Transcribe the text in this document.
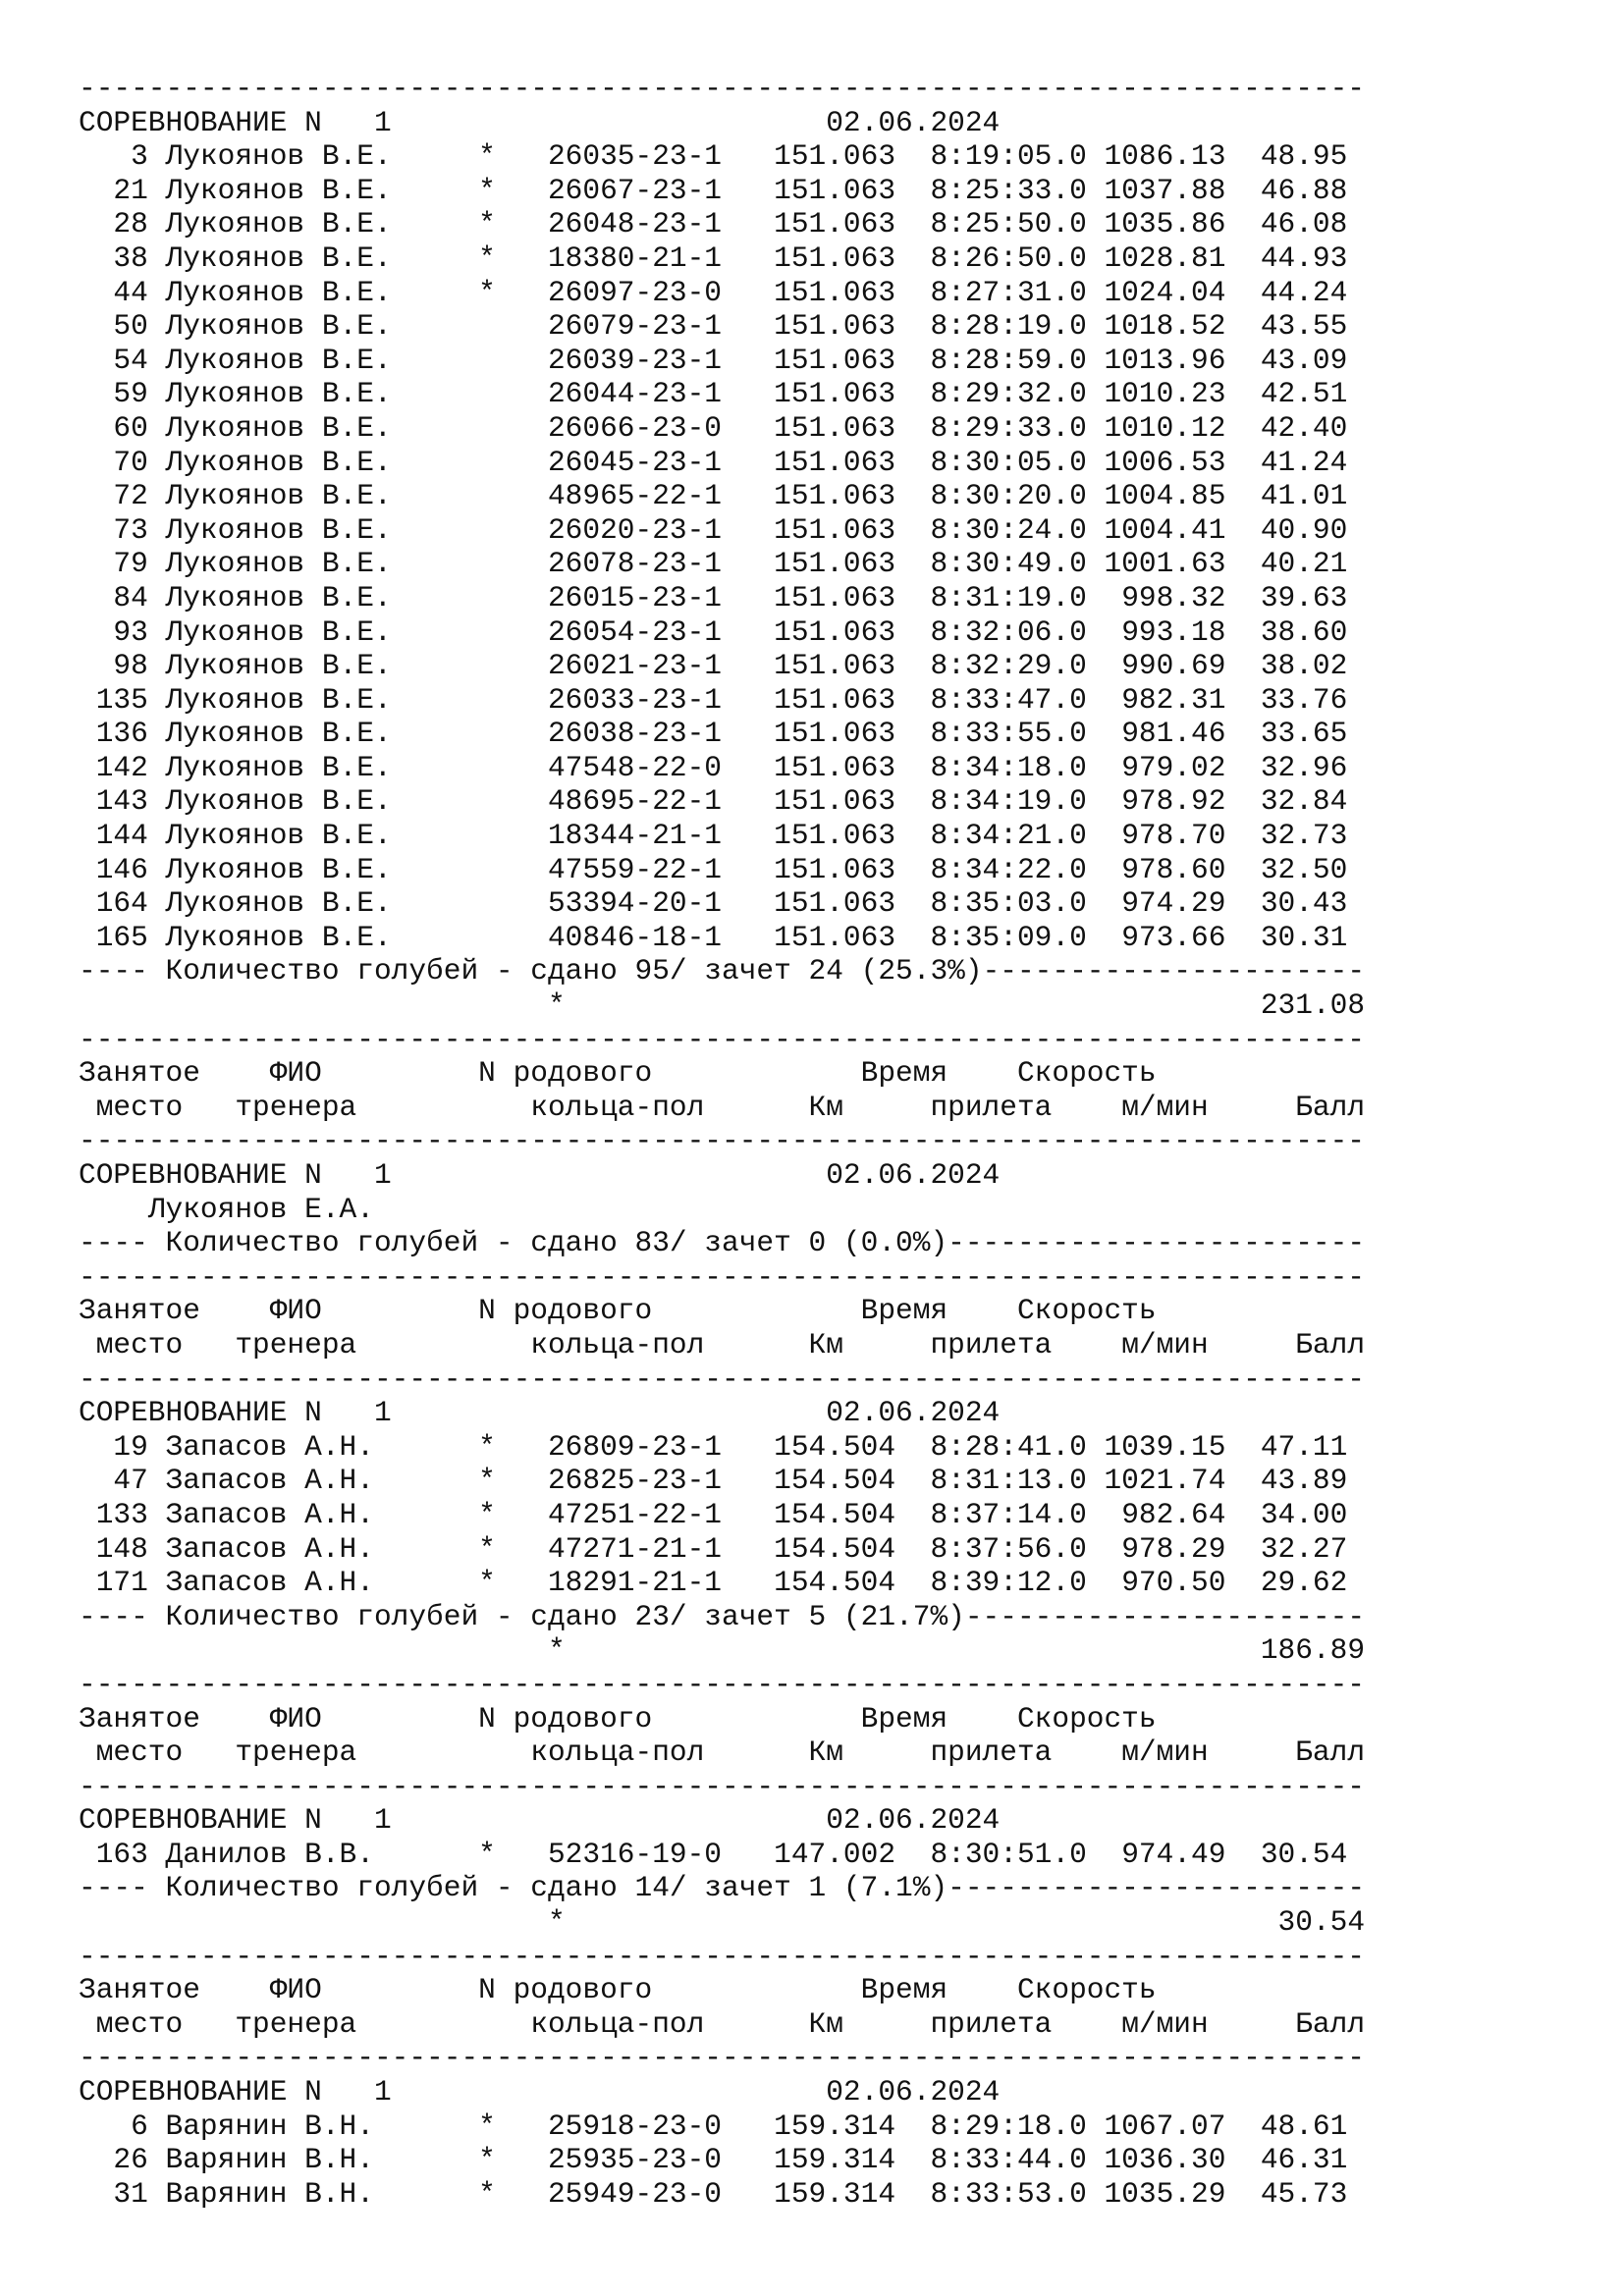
--------------------------------------------------------------------------
СОРЕВНОВАНИЕ N   1	02.06.2024
3 Лукоянов В.Е.	* 26035-23-1 151.063 8:19:05.0 1086.13 48.95
21 Лукоянов В.Е.	* 26067-23-1 151.063 8:25:33.0 1037.88 46.88
28 Лукоянов В.Е.	* 26048-23-1 151.063 8:25:50.0 1035.86 46.08
38 Лукоянов В.Е.	* 18380-21-1 151.063 8:26:50.0 1028.81 44.93
44 Лукоянов В.Е.	* 26097-23-0 151.063 8:27:31.0 1024.04 44.24
50 Лукоянов В.Е.	26079-23-1 151.063 8:28:19.0 1018.52 43.55
54 Лукоянов В.Е.	26039-23-1 151.063 8:28:59.0 1013.96 43.09
59 Лукоянов В.Е.	26044-23-1 151.063 8:29:32.0 1010.23 42.51
60 Лукоянов В.Е.	26066-23-0 151.063 8:29:33.0 1010.12 42.40
70 Лукоянов В.Е.	26045-23-1 151.063 8:30:05.0 1006.53 41.24
72 Лукоянов В.Е.	48965-22-1 151.063 8:30:20.0 1004.85 41.01
73 Лукоянов В.Е.	26020-23-1 151.063 8:30:24.0 1004.41 40.90
79 Лукоянов В.Е.	26078-23-1 151.063 8:30:49.0 1001.63 40.21
84 Лукоянов В.Е.	26015-23-1 151.063 8:31:19.0 998.32 39.63
93 Лукоянов В.Е.	26054-23-1 151.063 8:32:06.0 993.18 38.60
98 Лукоянов В.Е.	26021-23-1 151.063 8:32:29.0 990.69 38.02
135 Лукоянов В.Е.	26033-23-1 151.063 8:33:47.0 982.31 33.76
136 Лукоянов В.Е.	26038-23-1 151.063 8:33:55.0 981.46 33.65
142 Лукоянов В.Е.	47548-22-0 151.063 8:34:18.0 979.02 32.96
143 Лукоянов В.Е.	48695-22-1 151.063 8:34:19.0 978.92 32.84
144 Лукоянов В.Е.	18344-21-1 151.063 8:34:21.0 978.70 32.73
146 Лукоянов В.Е.	47559-22-1 151.063 8:34:22.0 978.60 32.50
164 Лукоянов В.Е.	53394-20-1 151.063 8:35:03.0 974.29 30.43
165 Лукоянов В.Е.	40846-18-1 151.063 8:35:09.0 973.66 30.31
---- Количество голубей - сдано 95/ зачет 24 (25.3%)----------------------
*	231.08
--------------------------------------------------------------------------
Занятое ФИО	N родового	Время Скорость
место тренера	кольца-пол	Км	прилета м/мин	Балл
--------------------------------------------------------------------------
СОРЕВНОВАНИЕ N   1	02.06.2024
Лукоянов Е.А.
---- Количество голубей - сдано 83/ зачет 0 (0.0%)------------------------
--------------------------------------------------------------------------
Занятое ФИО	N родового	Время Скорость
место тренера	кольца-пол	Км	прилета м/мин	Балл
--------------------------------------------------------------------------
СОРЕВНОВАНИЕ N   1	02.06.2024
19 Запасов А.Н.	* 26809-23-1 154.504 8:28:41.0 1039.15 47.11
47 Запасов А.Н.	* 26825-23-1 154.504 8:31:13.0 1021.74 43.89
133 Запасов А.Н.	* 47251-22-1 154.504 8:37:14.0 982.64 34.00
148 Запасов А.Н.	* 47271-21-1 154.504 8:37:56.0 978.29 32.27
171 Запасов А.Н.	* 18291-21-1 154.504 8:39:12.0 970.50 29.62
---- Количество голубей - сдано 23/ зачет 5 (21.7%)-----------------------
*	186.89
--------------------------------------------------------------------------
Занятое ФИО	N родового	Время Скорость
место тренера	кольца-пол	Км	прилета м/мин	Балл
--------------------------------------------------------------------------
СОРЕВНОВАНИЕ N   1	02.06.2024
163 Данилов В.В.	* 52316-19-0 147.002 8:30:51.0 974.49 30.54
---- Количество голубей - сдано 14/ зачет 1 (7.1%)------------------------
*	30.54
--------------------------------------------------------------------------
Занятое ФИО	N родового	Время Скорость
место тренера	кольца-пол	Км	прилета м/мин	Балл
--------------------------------------------------------------------------
СОРЕВНОВАНИЕ N   1	02.06.2024
6 Варянин В.Н.	* 25918-23-0 159.314 8:29:18.0 1067.07 48.61
26 Варянин В.Н.	* 25935-23-0 159.314 8:33:44.0 1036.30 46.31
31 Варянин В.Н.	* 25949-23-0 159.314 8:33:53.0 1035.29 45.73
